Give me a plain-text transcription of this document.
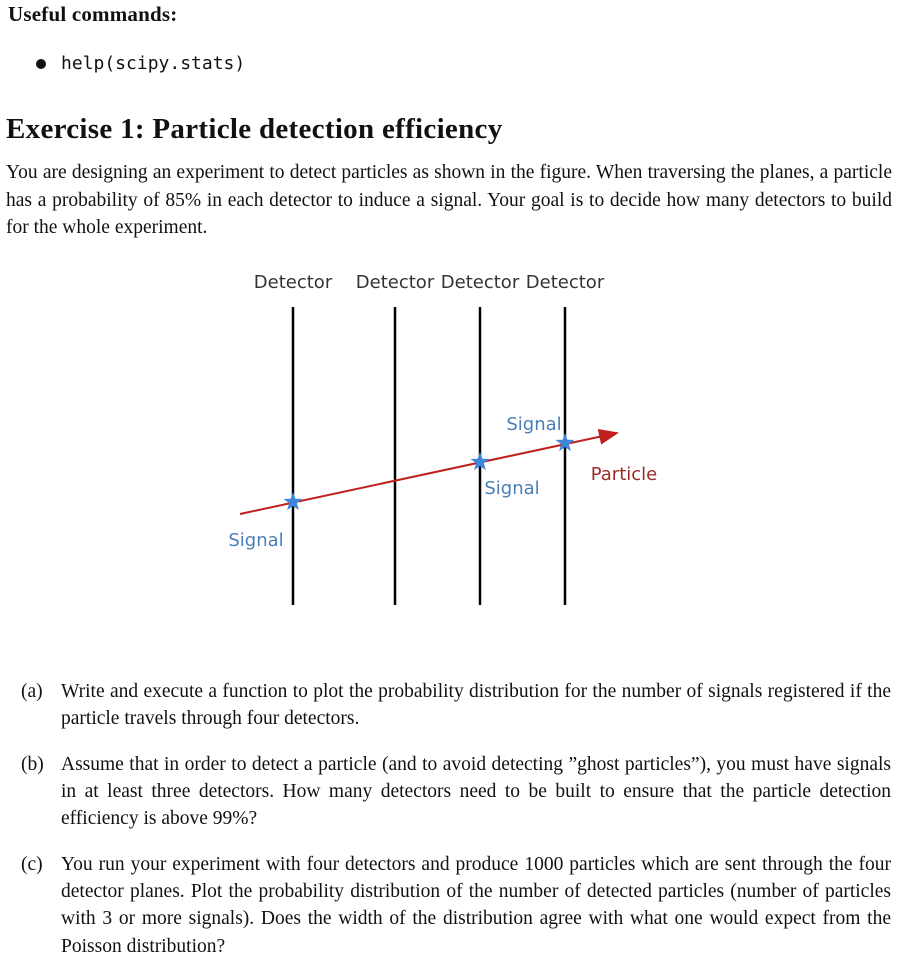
Useful commands:
help(scipy.stats)
Exercise 1: Particle detection efficiency

You are designing an experiment to detect particles as shown in the figure. When traversing the planes, a particle has a probability of 85% in each detector to induce a signal. Your goal is to decide how many detectors to build for the whole experiment.

Detector Detector Detector Detector
Signal
Signal
Signal
Particle
(a) Write and execute a function to plot the probability distribution for the number of signals registered if the particle travels through four detectors.

(b) Assume that in order to detect a particle (and to avoid detecting ”ghost particles”), you must have signals in at least three detectors. How many detectors need to be built to ensure that the particle detection efficiency is above 99%?

(c) You run your experiment with four detectors and produce 1000 particles which are sent through the four detector planes. Plot the probability distribution of the number of detected particles (number of particles with 3 or more signals). Does the width of the distribution agree with what one would expect from the Poisson distribution?
